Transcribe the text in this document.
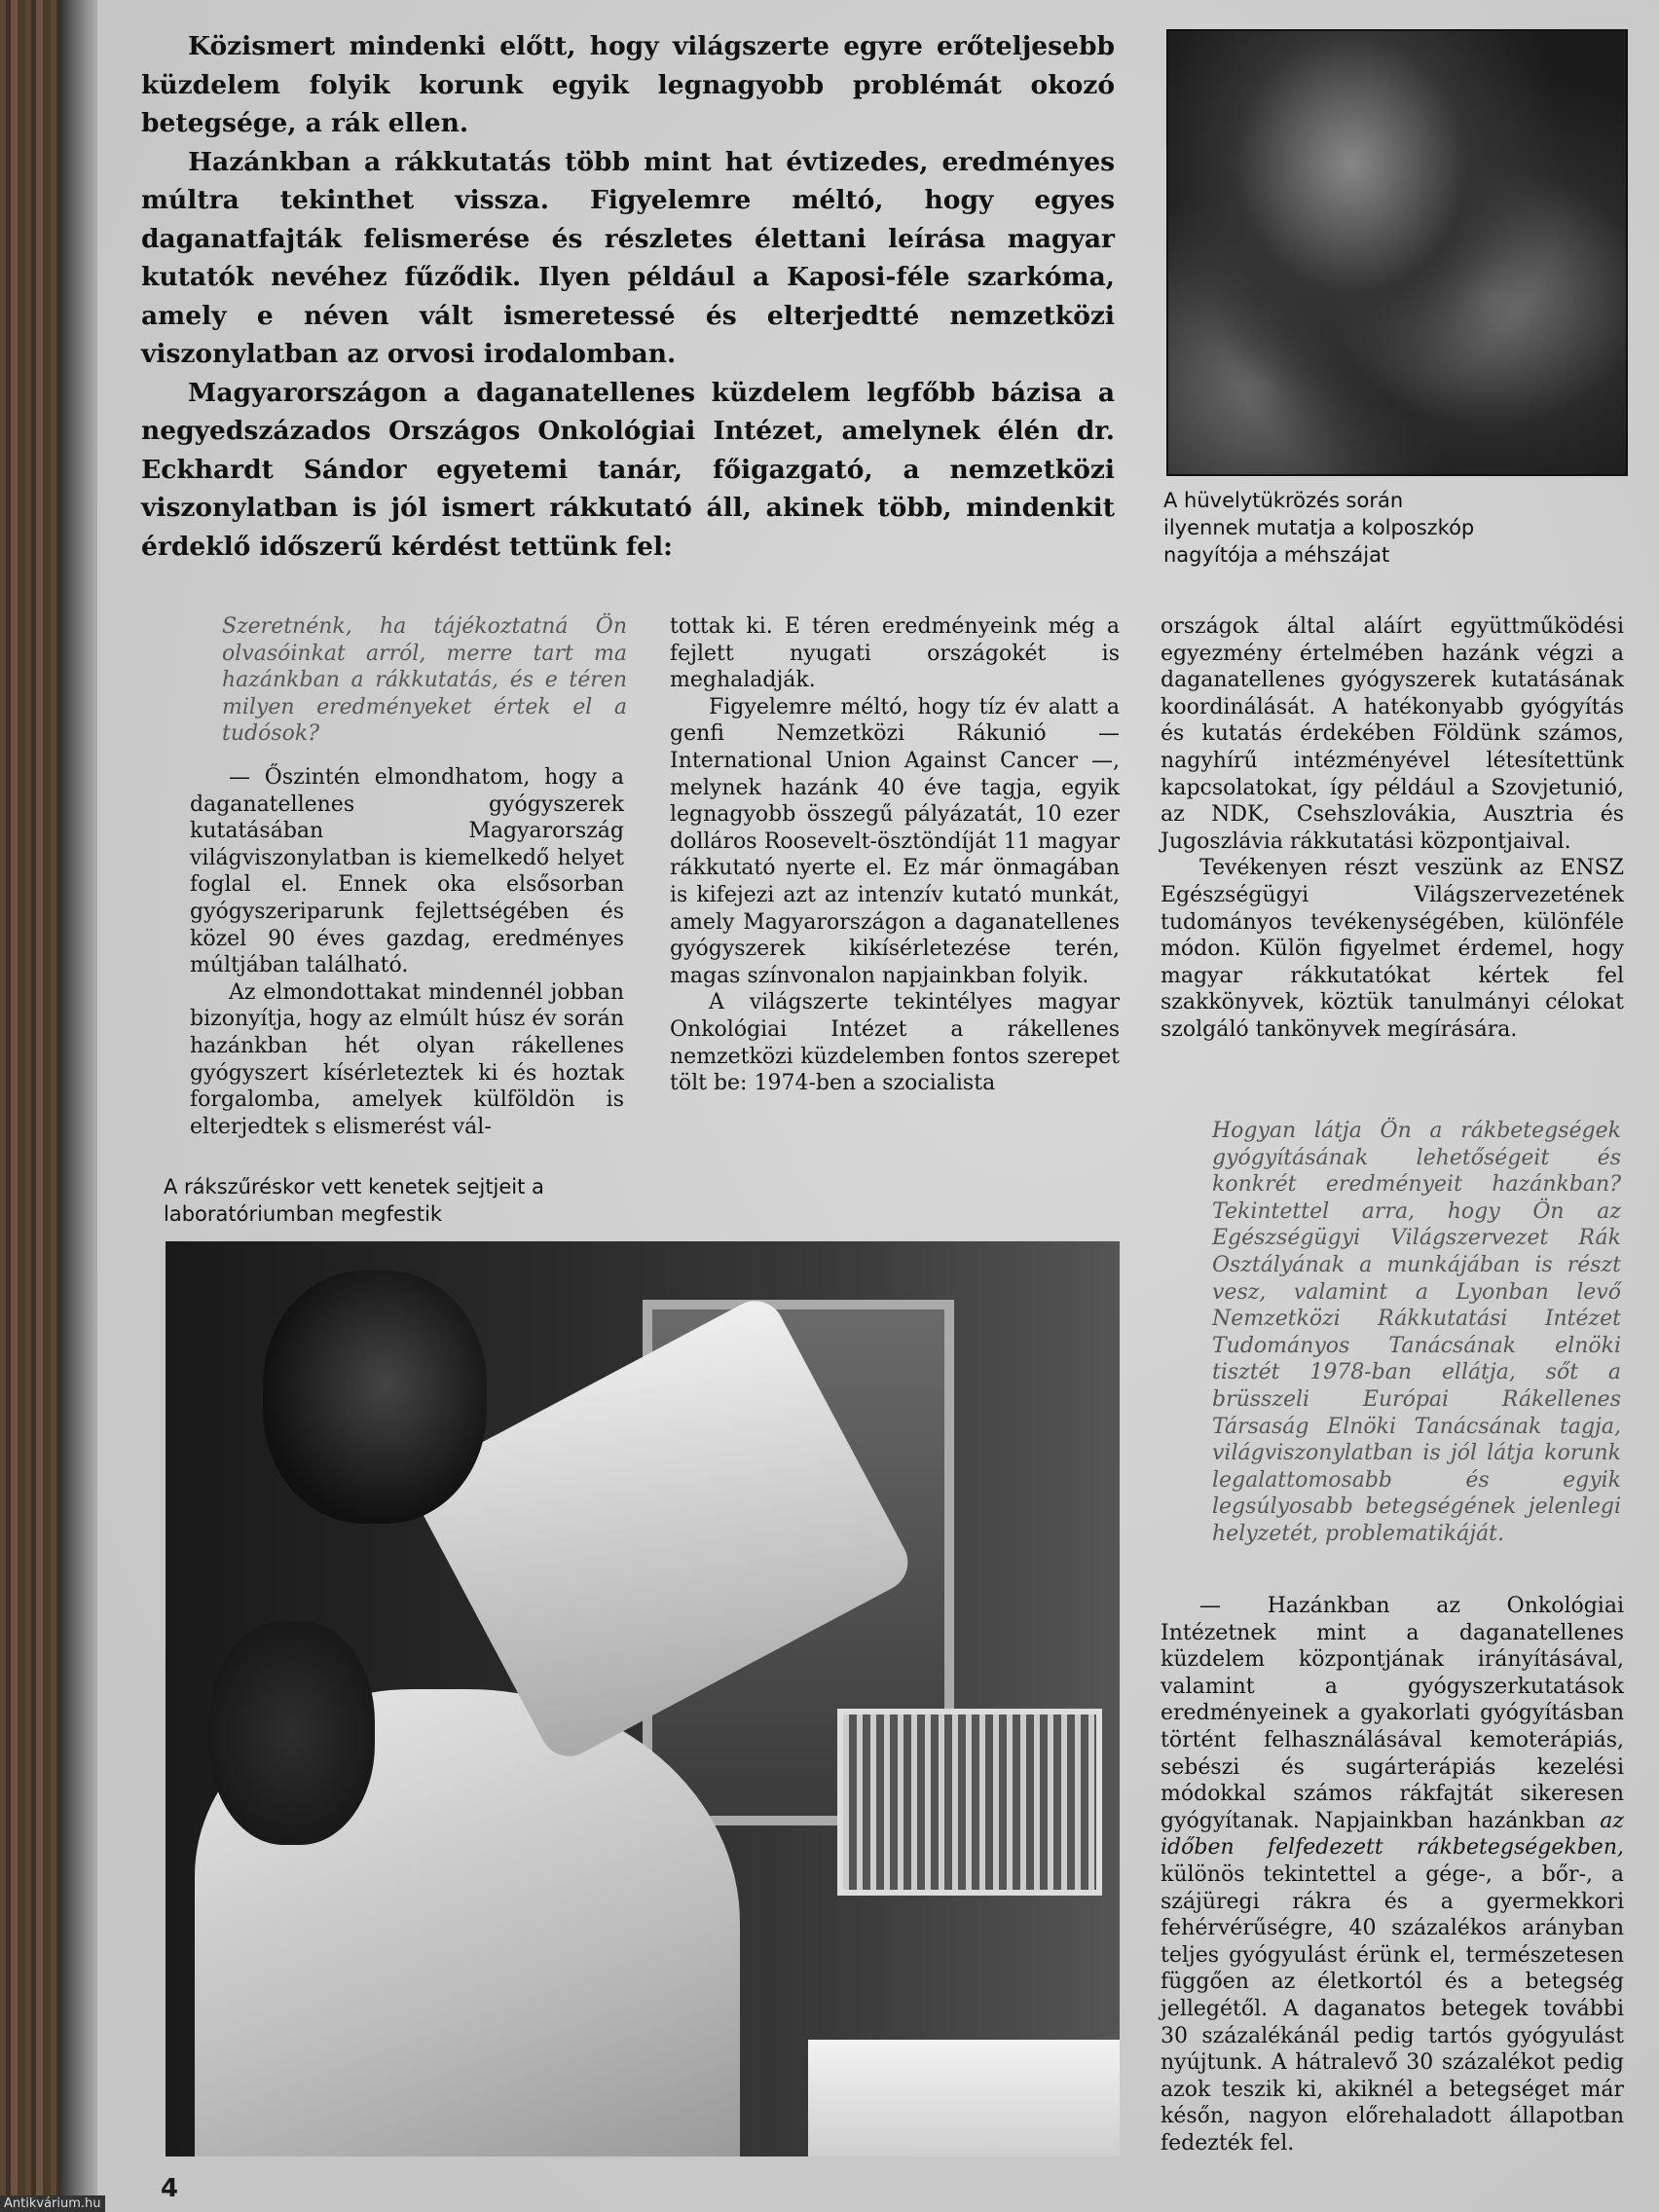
Közismert mindenki előtt, hogy világszerte egyre erőteljesebb küzdelem folyik korunk egyik legnagyobb problémát okozó betegsége, a rák ellen.

Hazánkban a rákkutatás több mint hat évtizedes, eredményes múltra tekinthet vissza. Figyelemre méltó, hogy egyes daganatfajták felismerése és részletes élettani leírása magyar kutatók nevéhez fűződik. Ilyen például a Kaposi-féle szarkóma, amely e néven vált ismeretessé és elterjedtté nemzetközi viszonylatban az orvosi irodalomban.

Magyarországon a daganatellenes küzdelem legfőbb bázisa a negyedszázados Országos Onkológiai Intézet, amelynek élén dr. Eckhardt Sándor egyetemi tanár, főigazgató, a nemzetközi viszonylatban is jól ismert rákkutató áll, akinek több, mindenkit érdeklő időszerű kérdést tettünk fel:

A hüvelytükrözés során ilyennek mutatja a kolposzkóp nagyítója a méhszájat
Szeretnénk, ha tájékoztatná Ön olvasóinkat arról, merre tart ma hazánkban a rákkutatás, és e téren milyen eredményeket értek el a tudósok?

— Őszintén elmondhatom, hogy a daganatellenes gyógyszerek kutatásában Magyarország világviszonylatban is kiemelkedő helyet foglal el. Ennek oka elsősorban gyógyszeriparunk fejlettségében és közel 90 éves gazdag, eredményes múltjában található.

Az elmondottakat mindennél jobban bizonyítja, hogy az elmúlt húsz év során hazánkban hét olyan rákellenes gyógyszert kísérleteztek ki és hoztak forgalomba, amelyek külföldön is elterjedtek s elismerést vál-

tottak ki. E téren eredményeink még a fejlett nyugati országokét is meghaladják.

Figyelemre méltó, hogy tíz év alatt a genfi Nemzetközi Rákunió — International Union Against Cancer —, melynek hazánk 40 éve tagja, egyik legnagyobb összegű pályázatát, 10 ezer dolláros Roosevelt-ösztöndíját 11 magyar rákkutató nyerte el. Ez már önmagában is kifejezi azt az intenzív kutató munkát, amely Magyarországon a daganatellenes gyógyszerek kikísérletezése terén, magas színvonalon napjainkban folyik.

A világszerte tekintélyes magyar Onkológiai Intézet a rákellenes nemzetközi küzdelemben fontos szerepet tölt be: 1974-ben a szocialista

országok által aláírt együttműködési egyezmény értelmében hazánk végzi a daganatellenes gyógyszerek kutatásának koordinálását. A hatékonyabb gyógyítás és kutatás érdekében Földünk számos, nagyhírű intézményével létesítettünk kapcsolatokat, így például a Szovjetunió, az NDK, Csehszlovákia, Ausztria és Jugoszlávia rákkutatási központjaival.

Tevékenyen részt veszünk az ENSZ Egészségügyi Világszervezetének tudományos tevékenységében, különféle módon. Külön figyelmet érdemel, hogy magyar rákkutatókat kértek fel szakkönyvek, köztük tanulmányi célokat szolgáló tankönyvek megírására.

Hogyan látja Ön a rákbetegségek gyógyításának lehetőségeit és konkrét eredményeit hazánkban? Tekintettel arra, hogy Ön az Egészségügyi Világszervezet Rák Osztályának a munkájában is részt vesz, valamint a Lyonban levő Nemzetközi Rákkutatási Intézet Tudományos Tanácsának elnöki tisztét 1978-ban ellátja, sőt a brüsszeli Európai Rákellenes Társaság Elnöki Tanácsának tagja, világviszonylatban is jól látja korunk legalattomosabb és egyik legsúlyosabb betegségének jelenlegi helyzetét, problematikáját.

— Hazánkban az Onkológiai Intézetnek mint a daganatellenes küzdelem központjának irányításával, valamint a gyógyszerkutatások eredményeinek a gyakorlati gyógyításban történt felhasználásával kemoterápiás, sebészi és sugárterápiás kezelési módokkal számos rákfajtát sikeresen gyógyítanak. Napjainkban hazánkban az időben felfedezett rákbetegségekben, különös tekintettel a gége-, a bőr-, a szájüregi rákra és a gyermekkori fehérvérűségre, 40 százalékos arányban teljes gyógyulást érünk el, természetesen függően az életkortól és a betegség jellegétől. A daganatos betegek további 30 százalékánál pedig tartós gyógyulást nyújtunk. A hátralevő 30 százalékot pedig azok teszik ki, akiknél a betegséget már későn, nagyon előrehaladott állapotban fedezték fel.

A rákszűréskor vett kenetek sejtjeit a laboratóriumban megfestik
4
Antikvárium.hu
